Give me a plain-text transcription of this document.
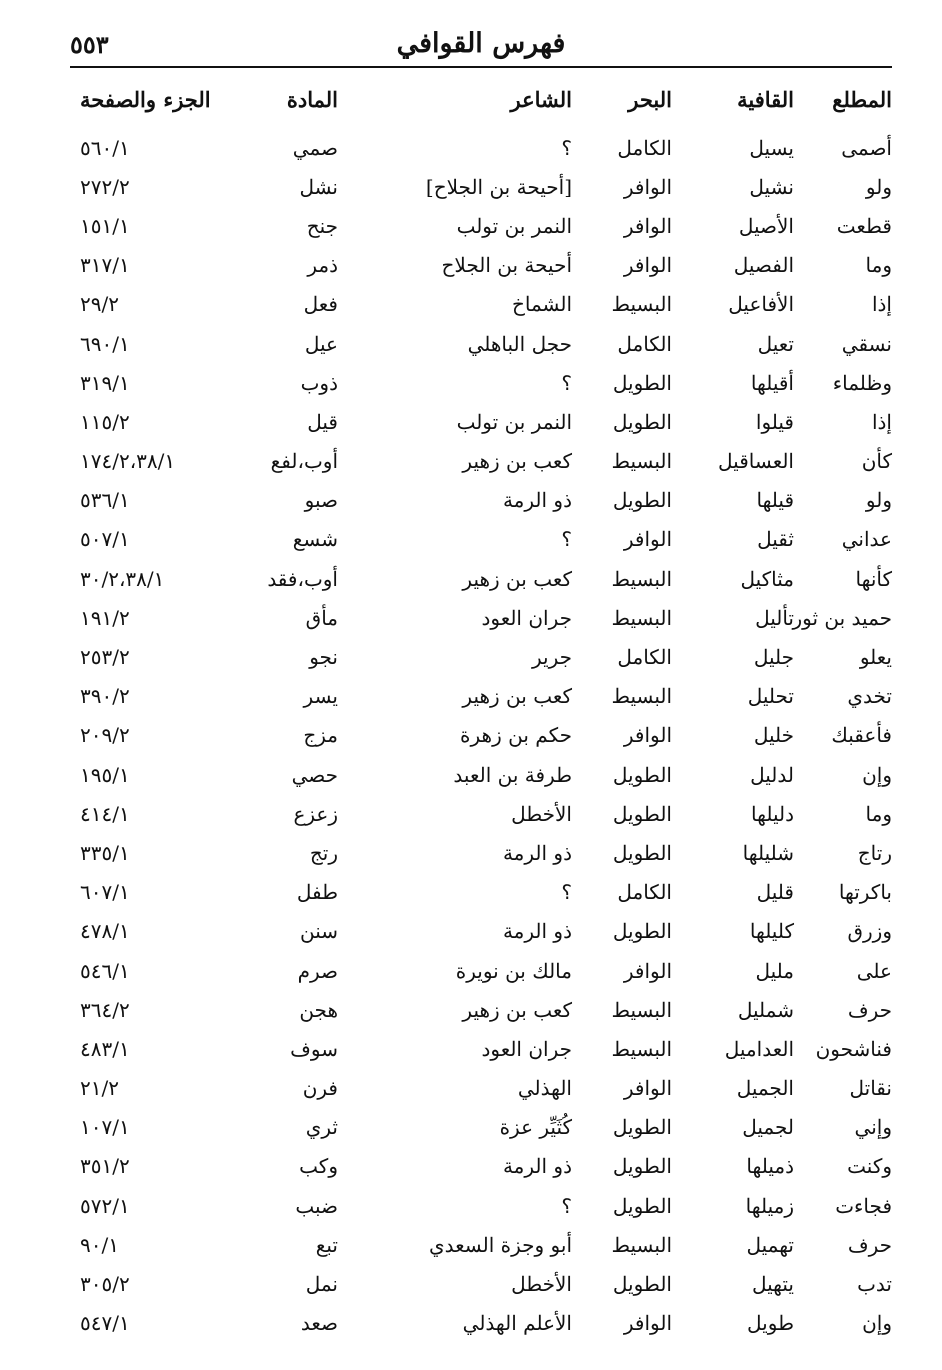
٥٥٣	فهرس القوافي
المطلع
القافية
البحر
الشاعر
المادة
الجزء والصفحة
أصمى
يسيل
الكامل
؟
صمي
٥٦٠/١
ولو
نشيل
الوافر
[أحيحة بن الجلاح]
نشل
٢٧٢/٢
قطعت
الأصيل
الوافر
النمر بن تولب
جنح
١٥١/١
وما
الفصيل
الوافر
أحيحة بن الجلاح
ذمر
٣١٧/١
إذا
الأفاعيل
البسيط
الشماخ
فعل
٢٩/٢
نسقي
تعيل
الكامل
حجل الباهلي
عيل
٦٩٠/١
وظلماء
أقيلها
الطويل
؟
ذوب
٣١٩/١
إذا
قيلوا
الطويل
النمر بن تولب
قيل
١١٥/٢
كأن
العساقيل
البسيط
كعب بن زهير
أوب،لفع
١٧٤/٢،٣٨/١
ولو
قيلها
الطويل
ذو الرمة
صبو
٥٣٦/١
عداني
ثقيل
الوافر
؟
شسع
٥٠٧/١
كأنها
مثاكيل
البسيط
كعب بن زهير
أوب،فقد
٣٠/٢،٣٨/١
حميد بن ثور
تأليل
البسيط
جران العود
مأق
١٩١/٢
يعلو
جليل
الكامل
جرير
نجو
٢٥٣/٢
تخدي
تحليل
البسيط
كعب بن زهير
يسر
٣٩٠/٢
فأعقبك
خليل
الوافر
حكم بن زهرة
مزج
٢٠٩/٢
وإن
لدليل
الطويل
طرفة بن العبد
حصي
١٩٥/١
وما
دليلها
الطويل
الأخطل
زعزع
٤١٤/١
رتاج
شليلها
الطويل
ذو الرمة
رتج
٣٣٥/١
باكرتها
قليل
الكامل
؟
طفل
٦٠٧/١
وزرق
كليلها
الطويل
ذو الرمة
سنن
٤٧٨/١
على
مليل
الوافر
مالك بن نويرة
صرم
٥٤٦/١
حرف
شمليل
البسيط
كعب بن زهير
هجن
٣٦٤/٢
فناشحون
العداميل
البسيط
جران العود
سوف
٤٨٣/١
نقاتل
الجميل
الوافر
الهذلي
فرن
٢١/٢
وإني
لجميل
الطويل
كُثَيِّر عزة
ثري
١٠٧/١
وكنت
ذميلها
الطويل
ذو الرمة
وكب
٣٥١/٢
فجاءت
زميلها
الطويل
؟
ضبب
٥٧٢/١
حرف
تهميل
البسيط
أبو وجزة السعدي
تبع
٩٠/١
تدب
يتهيل
الطويل
الأخطل
نمل
٣٠٥/٢
وإن
طويل
الوافر
الأعلم الهذلي
صعد
٥٤٧/١
